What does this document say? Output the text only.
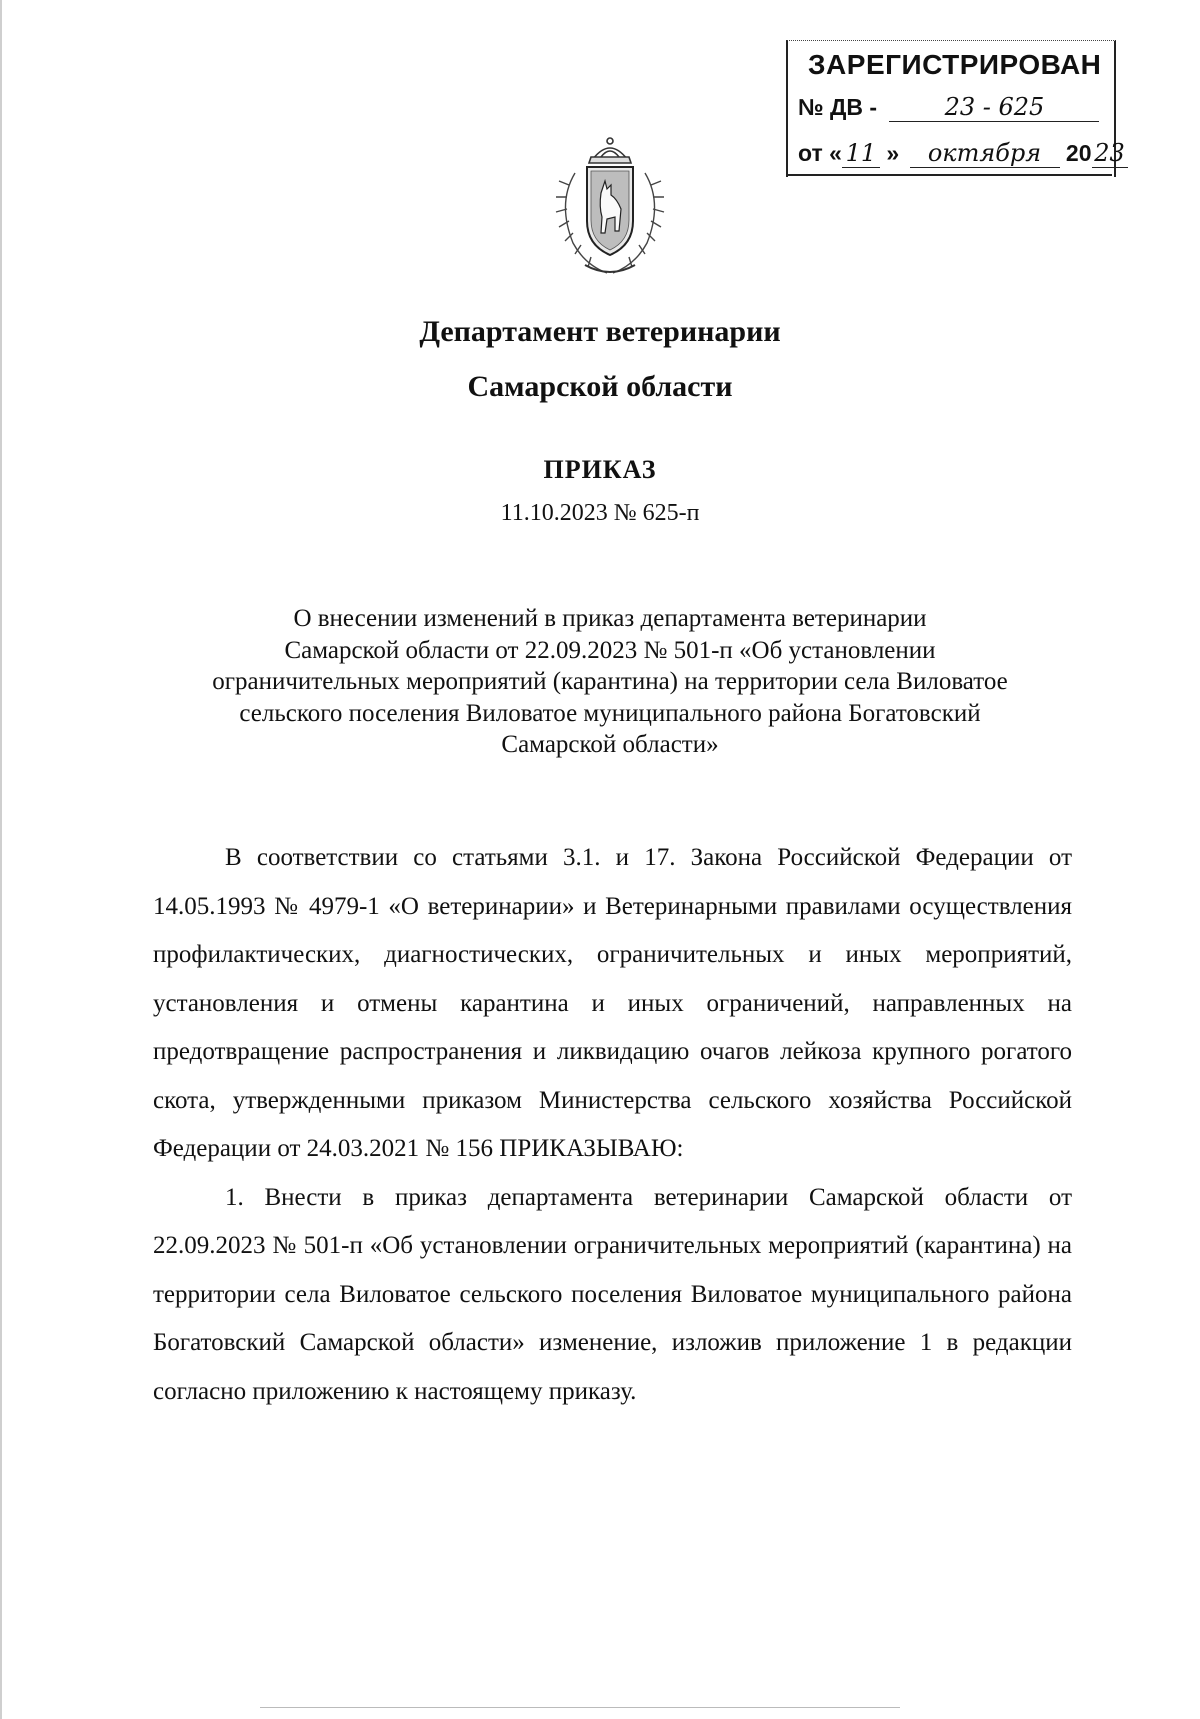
ЗАРЕГИСТРИРОВАН
№ ДВ -	23 - 625
от « 11 » октября 20 23
Департамент ветеринарии
Самарской области
ПРИКАЗ
11.10.2023 № 625-п
О внесении изменений в приказ департамента ветеринарии
Самарской области от 22.09.2023 № 501-п «Об установлении
ограничительных мероприятий (карантина) на территории села Виловатое
сельского поселения Виловатое муниципального района Богатовский
Самарской области»

В соответствии со статьями 3.1. и 17. Закона Российской Федерации от 14.05.1993 № 4979-1 «О ветеринарии» и Ветеринарными правилами осуществления профилактических, диагностических, ограничительных и иных мероприятий, установления и отмены карантина и иных ограничений, направленных на предотвращение распространения и ликвидацию очагов лейкоза крупного рогатого скота, утвержденными приказом Министерства сельского хозяйства Российской Федерации от 24.03.2021 № 156 ПРИКАЗЫВАЮ:

1. Внести в приказ департамента ветеринарии Самарской области от 22.09.2023 № 501-п «Об установлении ограничительных мероприятий (карантина) на территории села Виловатое сельского поселения Виловатое муниципального района Богатовский Самарской области» изменение, изложив приложение 1 в редакции согласно приложению к настоящему приказу.
